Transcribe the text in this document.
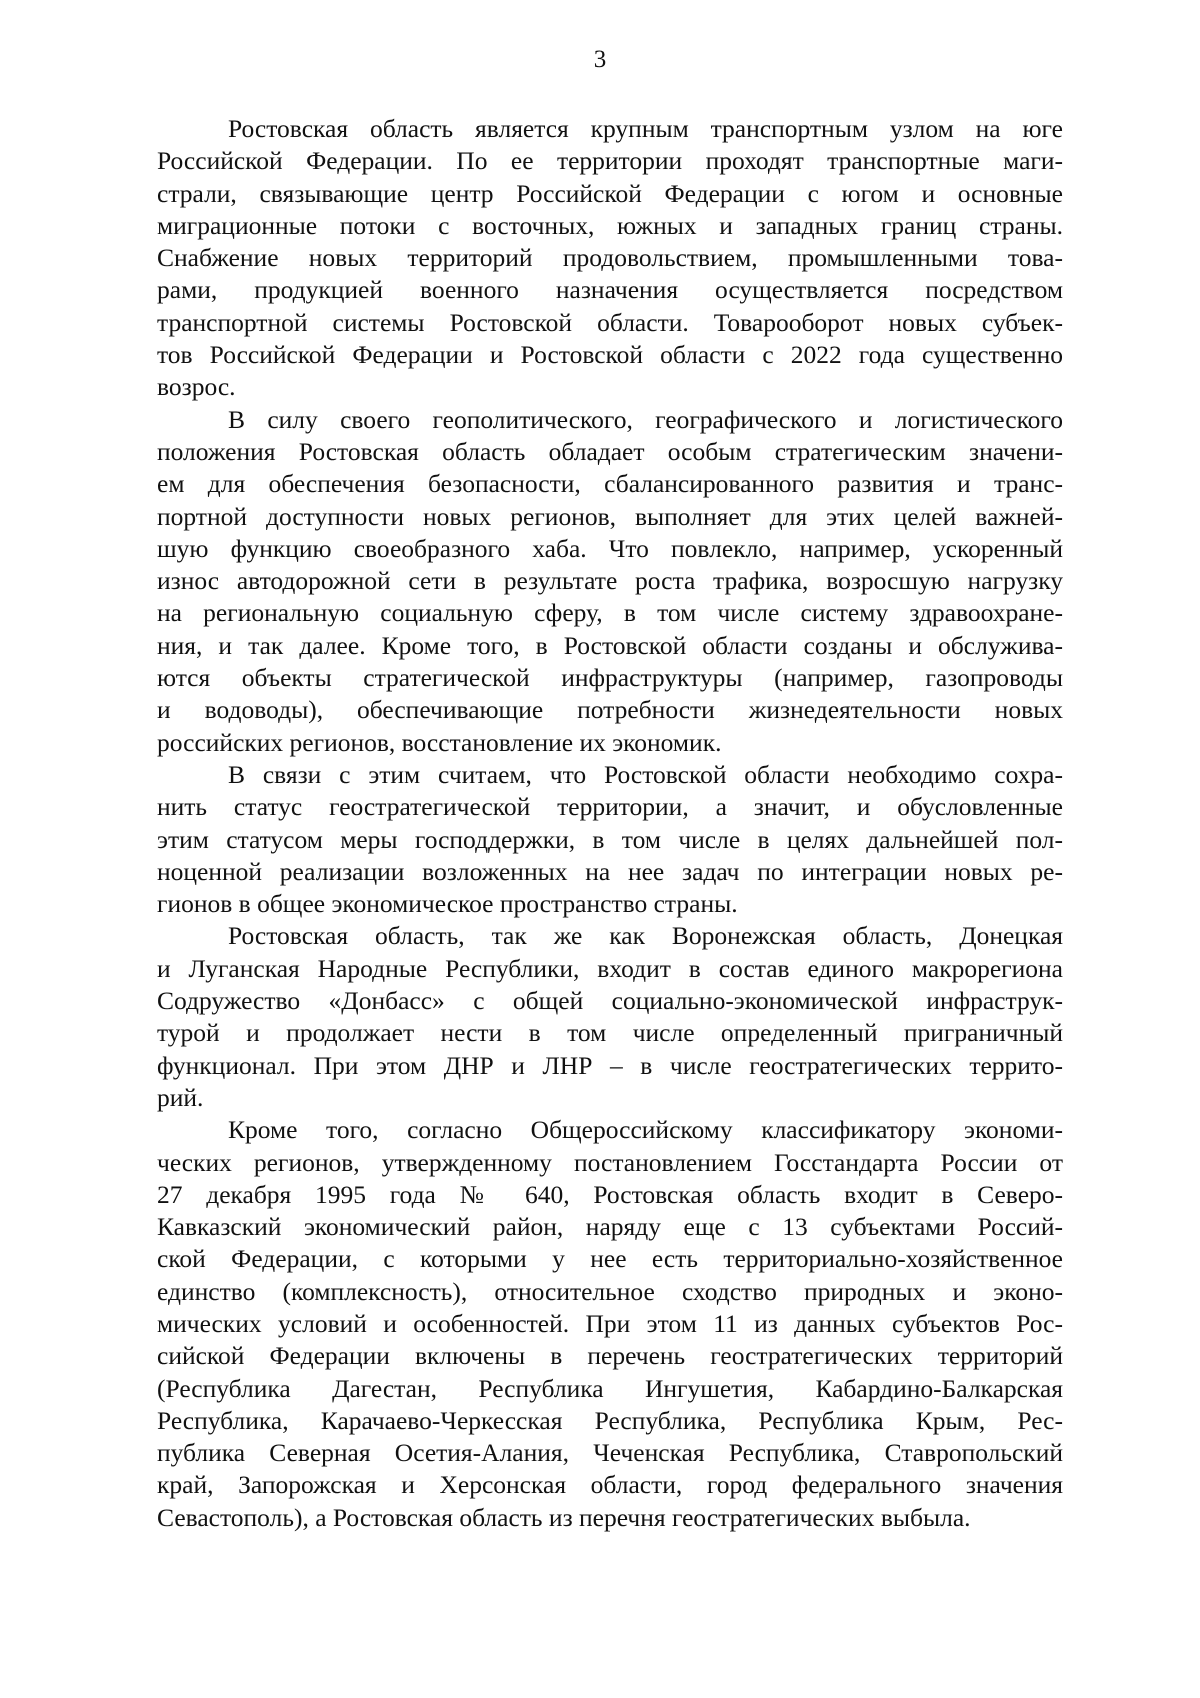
3

Ростовская область является крупным транспортным узлом на юге
Российской Федерации. По ее территории проходят транспортные маги-
страли, связывающие центр Российской Федерации с югом и основные
миграционные потоки с восточных, южных и западных границ страны.
Снабжение новых территорий продовольствием, промышленными това-
рами, продукцией военного назначения осуществляется посредством
транспортной системы Ростовской области. Товарооборот новых субъек-
тов Российской Федерации и Ростовской области с 2022 года существенно
возрос.

В силу своего геополитического, географического и логистического
положения Ростовская область обладает особым стратегическим значени-
ем для обеспечения безопасности, сбалансированного развития и транс-
портной доступности новых регионов, выполняет для этих целей важней-
шую функцию своеобразного хаба. Что повлекло, например, ускоренный
износ автодорожной сети в результате роста трафика, возросшую нагрузку
на региональную социальную сферу, в том числе систему здравоохране-
ния, и так далее. Кроме того, в Ростовской области созданы и обслужива-
ются объекты стратегической инфраструктуры (например, газопроводы
и водоводы), обеспечивающие потребности жизнедеятельности новых
российских регионов, восстановление их экономик.

В связи с этим считаем, что Ростовской области необходимо сохра-
нить статус геостратегической территории, а значит, и обусловленные
этим статусом меры господдержки, в том числе в целях дальнейшей пол-
ноценной реализации возложенных на нее задач по интеграции новых ре-
гионов в общее экономическое пространство страны.

Ростовская область, так же как Воронежская область, Донецкая
и Луганская Народные Республики, входит в состав единого макрорегиона
Содружество «Донбасс» с общей социально-экономической инфраструк-
турой и продолжает нести в том числе определенный приграничный
функционал. При этом ДНР и ЛНР – в числе геостратегических террито-
рий.

Кроме того, согласно Общероссийскому классификатору экономи-
ческих регионов, утвержденному постановлением Госстандарта России от
27 декабря 1995 года № 640, Ростовская область входит в Северо-
Кавказский экономический район, наряду еще с 13 субъектами Россий-
ской Федерации, с которыми у нее есть территориально-хозяйственное
единство (комплексность), относительное сходство природных и эконо-
мических условий и особенностей. При этом 11 из данных субъектов Рос-
сийской Федерации включены в перечень геостратегических территорий
(Республика Дагестан, Республика Ингушетия, Кабардино-Балкарская
Республика, Карачаево-Черкесская Республика, Республика Крым, Рес-
публика Северная Осетия-Алания, Чеченская Республика, Ставропольский
край, Запорожская и Херсонская области, город федерального значения
Севастополь), а Ростовская область из перечня геостратегических выбыла.
